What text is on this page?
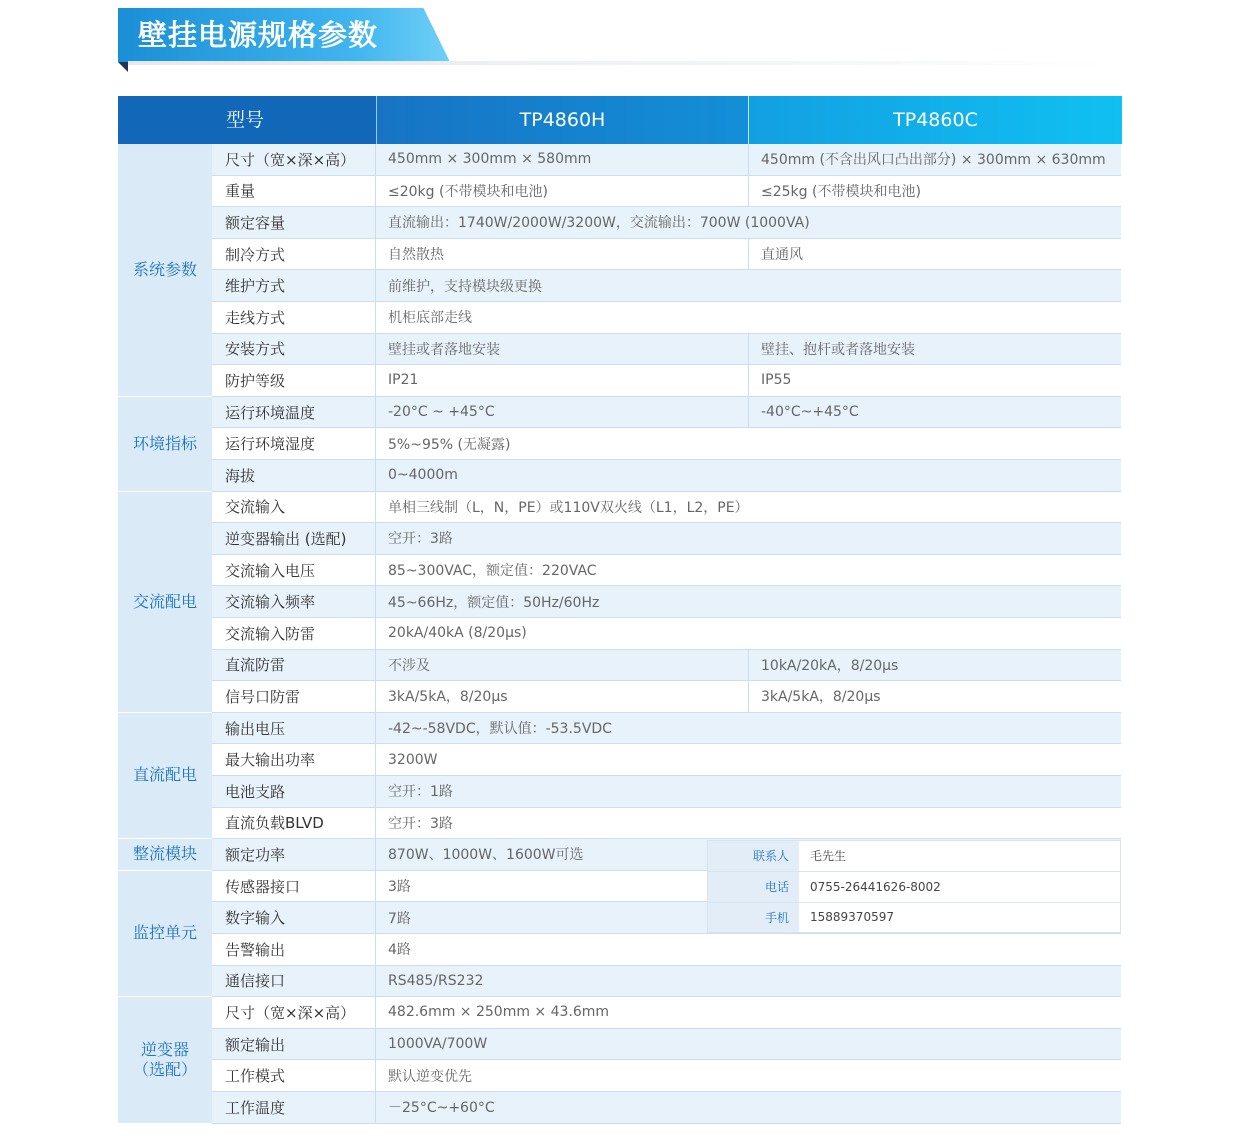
壁挂电源规格参数
型号	TP4860H	TP4860C
系统参数
尺寸（宽×深×高）	450mm × 300mm × 580mm	450mm (不含出风口凸出部分) × 300mm × 630mm
重量	≤20kg (不带模块和电池)	≤25kg (不带模块和电池)
额定容量	直流输出：1740W/2000W/3200W，交流输出：700W (1000VA)
制冷方式	自然散热	直通风
维护方式	前维护，支持模块级更换
走线方式	机柜底部走线
安装方式	壁挂或者落地安装	壁挂、抱杆或者落地安装
防护等级	IP21	IP55
环境指标
运行环境温度	-20°C ~ +45°C	-40°C~+45°C
运行环境湿度	5%~95% (无凝露)
海拔	0~4000m
交流配电
交流输入	单相三线制（L，N，PE）或110V双火线（L1，L2，PE）
逆变器输出 (选配)	空开：3路
交流输入电压	85~300VAC，额定值：220VAC
交流输入频率	45~66Hz，额定值：50Hz/60Hz
交流输入防雷	20kA/40kA (8/20μs)
直流防雷	不涉及	10kA/20kA，8/20μs
信号口防雷	3kA/5kA，8/20μs	3kA/5kA，8/20μs
直流配电
输出电压	-42~-58VDC，默认值：-53.5VDC
最大输出功率	3200W
电池支路	空开：1路
直流负载BLVD	空开：3路
整流模块	额定功率	870W、1000W、1600W可选
监控单元
传感器接口	3路
数字输入	7路
告警输出	4路
通信接口	RS485/RS232
逆变器
（选配）
尺寸（宽×深×高）	482.6mm × 250mm × 43.6mm
额定输出	1000VA/700W
工作模式	默认逆变优先
工作温度	－25°C~+60°C
联系人	毛先生
电话	0755-26441626-8002
手机	15889370597
